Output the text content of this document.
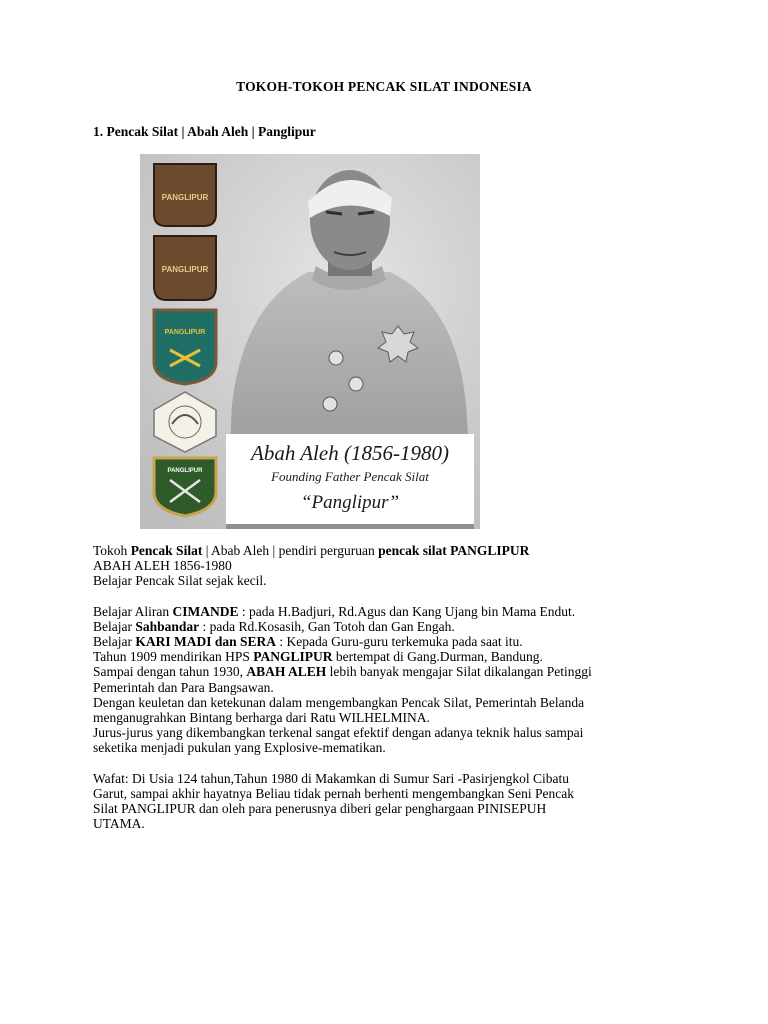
TOKOH-TOKOH PENCAK SILAT INDONESIA
1. Pencak Silat | Abah Aleh | Panglipur
PANGLIPUR
PANGLIPUR
PANGLIPUR
PANGLIPUR
Abah Aleh (1856-1980)
Founding Father Pencak Silat
“Panglipur”

Tokoh Pencak Silat | Abab Aleh | pendiri perguruan pencak silat PANGLIPUR

ABAH ALEH 1856-1980

Belajar Pencak Silat sejak kecil.

Belajar Aliran CIMANDE : pada H.Badjuri, Rd.Agus dan Kang Ujang bin Mama Endut.

Belajar Sahbandar : pada Rd.Kosasih, Gan Totoh dan Gan Engah.

Belajar KARI MADI dan SERA : Kepada Guru-guru terkemuka pada saat itu.

Tahun 1909 mendirikan HPS PANGLIPUR bertempat di Gang.Durman, Bandung.

Sampai dengan tahun 1930, ABAH ALEH lebih banyak mengajar Silat dikalangan Petinggi

Pemerintah dan Para Bangsawan.

Dengan keuletan dan ketekunan dalam mengembangkan Pencak Silat, Pemerintah Belanda

menganugrahkan Bintang berharga dari Ratu WILHELMINA.

Jurus-jurus yang dikembangkan terkenal sangat efektif dengan adanya teknik halus sampai

seketika menjadi pukulan yang Explosive-mematikan.

Wafat: Di Usia 124 tahun,Tahun 1980 di Makamkan di Sumur Sari -Pasirjengkol Cibatu

Garut, sampai akhir hayatnya Beliau tidak pernah berhenti mengembangkan Seni Pencak

Silat PANGLIPUR dan oleh para penerusnya diberi gelar penghargaan PINISEPUH

UTAMA.
